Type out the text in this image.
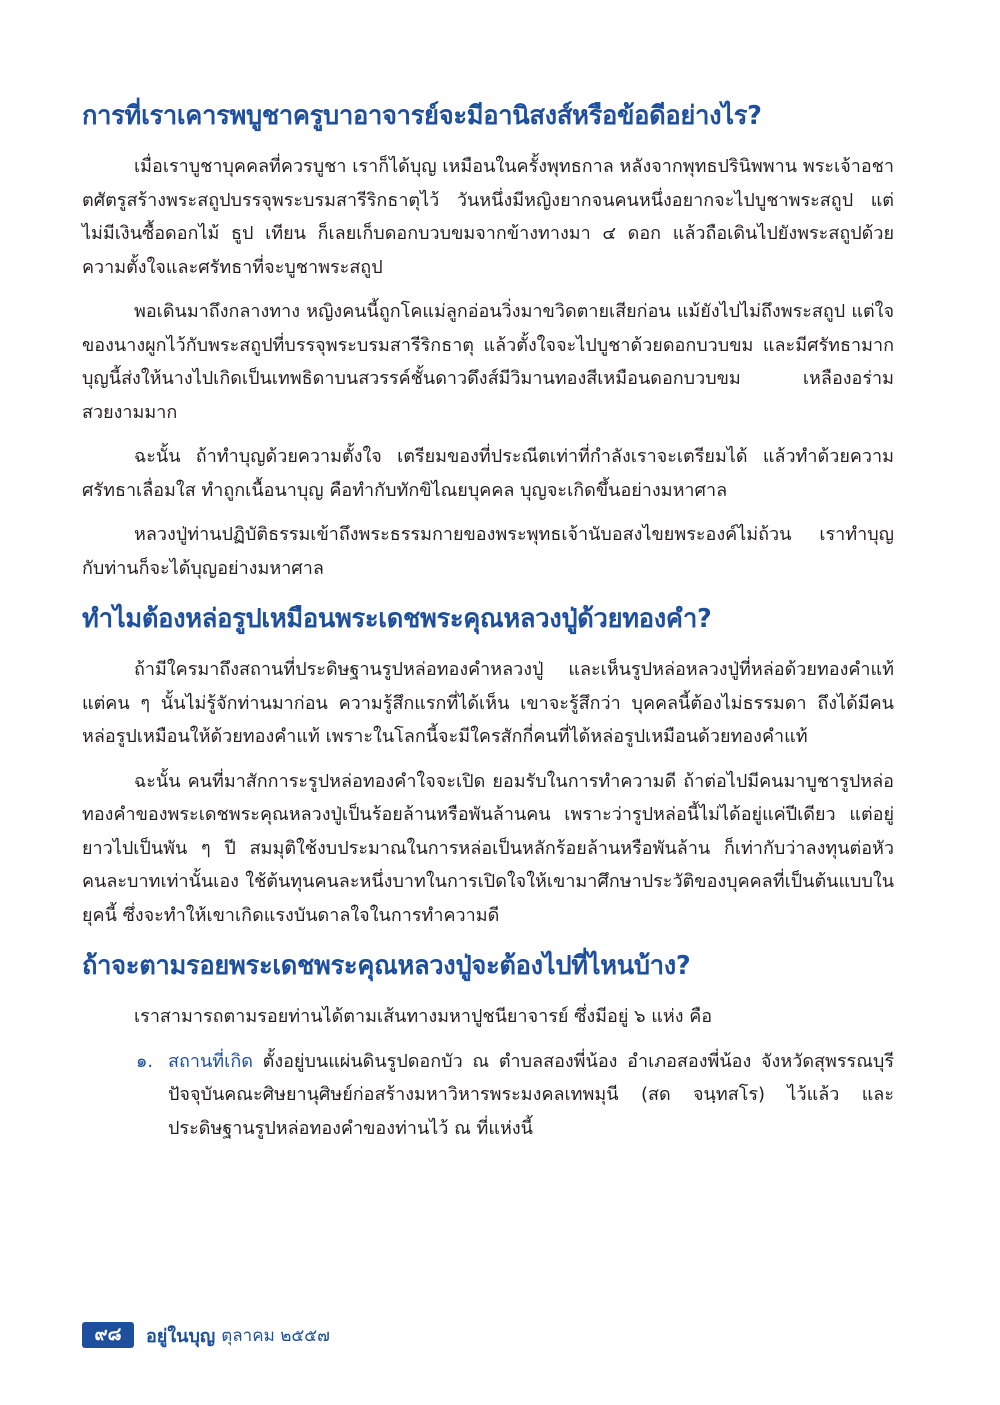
การที่เราเคารพบูชาครูบาอาจารย์จะมีอานิสงส์หรือข้อดีอย่างไร?

เมื่อเราบูชาบุคคลที่ควรบูชา เราก็ได้บุญ เหมือนในครั้งพุทธกาล หลังจากพุทธปรินิพพาน พระเจ้าอชาตศัตรูสร้างพระสถูปบรรจุพระบรมสารีริกธาตุไว้ วันหนึ่งมีหญิงยากจนคนหนึ่งอยากจะไปบูชาพระสถูป แต่ไม่มีเงินซื้อดอกไม้ ธูป เทียน ก็เลยเก็บดอกบวบขมจากข้างทางมา ๔ ดอก แล้วถือเดินไปยังพระสถูปด้วยความตั้งใจและศรัทธาที่จะบูชาพระสถูป

พอเดินมาถึงกลางทาง หญิงคนนี้ถูกโคแม่ลูกอ่อนวิ่งมาขวิดตายเสียก่อน แม้ยังไปไม่ถึงพระสถูป แต่ใจของนางผูกไว้กับพระสถูปที่บรรจุพระบรมสารีริกธาตุ แล้วตั้งใจจะไปบูชาด้วยดอกบวบขม และมีศรัทธามาก บุญนี้ส่งให้นางไปเกิดเป็นเทพธิดาบนสวรรค์ชั้นดาวดึงส์มีวิมานทองสีเหมือนดอกบวบขม เหลืองอร่ามสวยงามมาก

ฉะนั้น ถ้าทำบุญด้วยความตั้งใจ เตรียมของที่ประณีตเท่าที่กำลังเราจะเตรียมได้ แล้วทำด้วยความศรัทธาเลื่อมใส ทำถูกเนื้อนาบุญ คือทำกับทักขิไณยบุคคล บุญจะเกิดขึ้นอย่างมหาศาล

หลวงปู่ท่านปฏิบัติธรรมเข้าถึงพระธรรมกายของพระพุทธเจ้านับอสงไขยพระองค์ไม่ถ้วน เราทำบุญกับท่านก็จะได้บุญอย่างมหาศาล

ทำไมต้องหล่อรูปเหมือนพระเดชพระคุณหลวงปู่ด้วยทองคำ?

ถ้ามีใครมาถึงสถานที่ประดิษฐานรูปหล่อทองคำหลวงปู่ และเห็นรูปหล่อหลวงปู่ที่หล่อด้วยทองคำแท้ แต่คน ๆ นั้นไม่รู้จักท่านมาก่อน ความรู้สึกแรกที่ได้เห็น เขาจะรู้สึกว่า บุคคลนี้ต้องไม่ธรรมดา ถึงได้มีคนหล่อรูปเหมือนให้ด้วยทองคำแท้ เพราะในโลกนี้จะมีใครสักกี่คนที่ได้หล่อรูปเหมือนด้วยทองคำแท้

ฉะนั้น คนที่มาสักการะรูปหล่อทองคำใจจะเปิด ยอมรับในการทำความดี ถ้าต่อไปมีคนมาบูชารูปหล่อทองคำของพระเดชพระคุณหลวงปู่เป็นร้อยล้านหรือพันล้านคน เพราะว่ารูปหล่อนี้ไม่ได้อยู่แค่ปีเดียว แต่อยู่ยาวไปเป็นพัน ๆ ปี สมมุติใช้งบประมาณในการหล่อเป็นหลักร้อยล้านหรือพันล้าน ก็เท่ากับว่าลงทุนต่อหัวคนละบาทเท่านั้นเอง ใช้ต้นทุนคนละหนึ่งบาทในการเปิดใจให้เขามาศึกษาประวัติของบุคคลที่เป็นต้นแบบในยุคนี้ ซึ่งจะทำให้เขาเกิดแรงบันดาลใจในการทำความดี

ถ้าจะตามรอยพระเดชพระคุณหลวงปู่จะต้องไปที่ไหนบ้าง?

เราสามารถตามรอยท่านได้ตามเส้นทางมหาปูชนียาจารย์ ซึ่งมีอยู่ ๖ แห่ง คือ

๑. สถานที่เกิด ตั้งอยู่บนแผ่นดินรูปดอกบัว ณ ตำบลสองพี่น้อง อำเภอสองพี่น้อง จังหวัดสุพรรณบุรี ปัจจุบันคณะศิษยานุศิษย์ก่อสร้างมหาวิหารพระมงคลเทพมุนี (สด จนฺทสโร) ไว้แล้ว และประดิษฐานรูปหล่อทองคำของท่านไว้ ณ ที่แห่งนี้

๙๘	อยู่ในบุญ ตุลาคม ๒๕๕๗
